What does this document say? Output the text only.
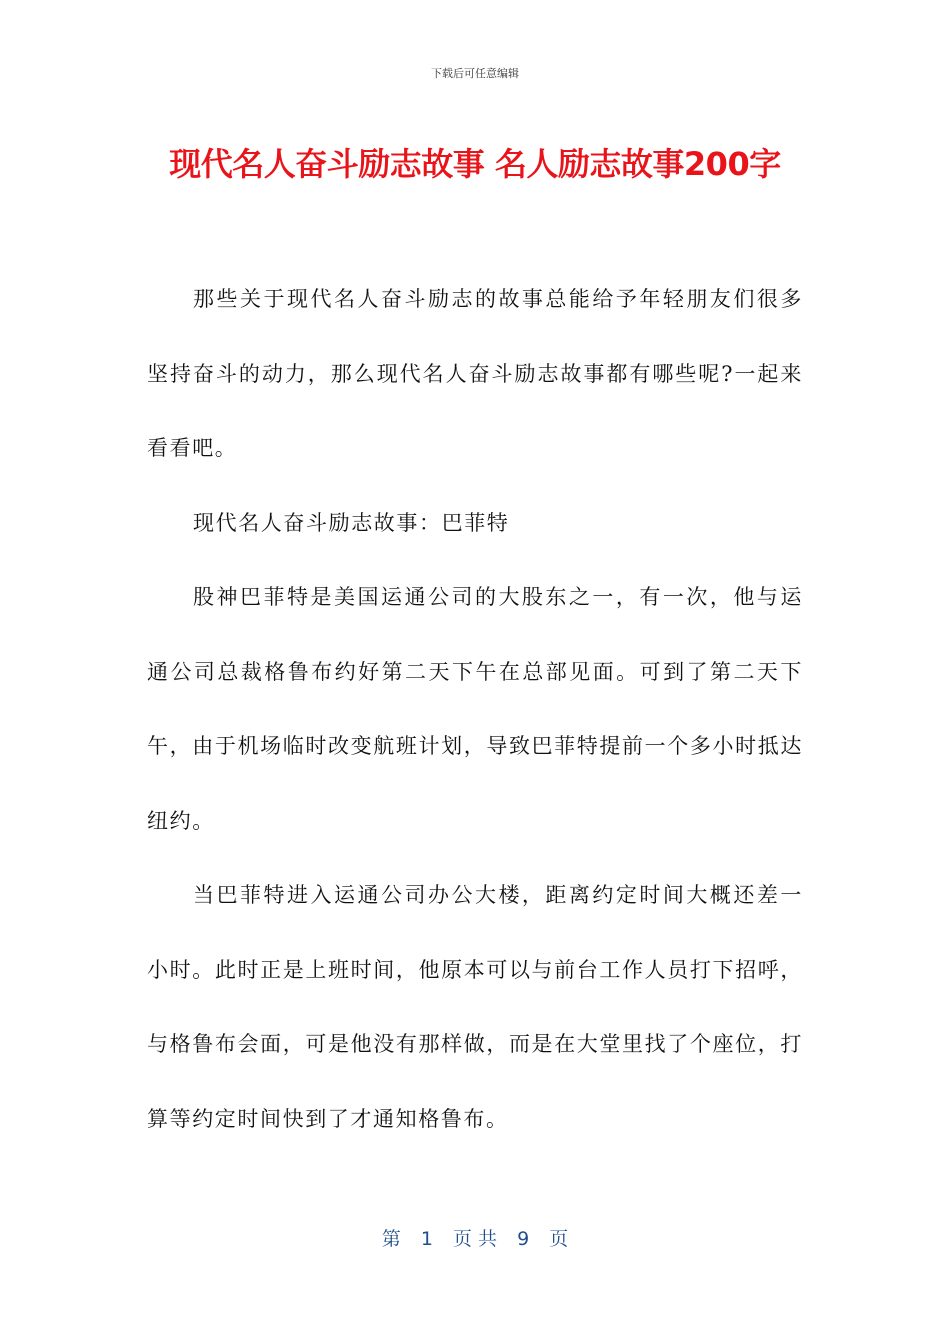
下载后可任意编辑
现代名人奋斗励志故事 名人励志故事200字

那些关于现代名人奋斗励志的故事总能给予年轻朋友们很多坚持奋斗的动力，那么现代名人奋斗励志故事都有哪些呢?一起来看看吧。

现代名人奋斗励志故事：巴菲特

股神巴菲特是美国运通公司的大股东之一，有一次，他与运通公司总裁格鲁布约好第二天下午在总部见面。可到了第二天下午，由于机场临时改变航班计划，导致巴菲特提前一个多小时抵达纽约。

当巴菲特进入运通公司办公大楼，距离约定时间大概还差一小时。此时正是上班时间，他原本可以与前台工作人员打下招呼，与格鲁布会面，可是他没有那样做，而是在大堂里找了个座位，打算等约定时间快到了才通知格鲁布。

第 1 页 共 9 页
